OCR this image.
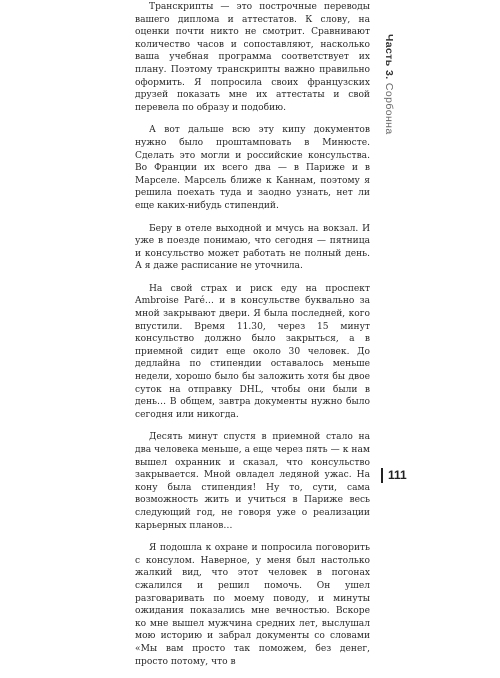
Транскрипты — это построчные переводы вашего диплома и аттестатов. К слову, на оценки почти никто не смотрит. Сравнивают количество часов и сопоставляют, насколько ваша учебная программа соответствует их плану. Поэтому транскрипты важно правильно оформить. Я попросила своих французских друзей показать мне их аттестаты и свой перевела по образу и подобию.

А вот дальше всю эту кипу документов нужно было проштамповать в Минюсте. Сделать это могли и российские консульства. Во Франции их всего два — в Париже и в Марселе. Марсель ближе к Каннам, поэтому я решила поехать туда и заодно узнать, нет ли еще каких-нибудь стипендий.

Беру в отеле выходной и мчусь на вокзал. И уже в поезде понимаю, что сегодня — пятница и консульство может работать не полный день. А я даже расписание не уточнила.

На свой страх и риск еду на проспект Ambroise Paré… и в консульстве буквально за мной закрывают двери. Я была последней, кого впустили. Время 11.30, через 15 минут консульство должно было закрыться, а в приемной сидит еще около 30 человек. До дедлайна по стипендии оставалось меньше недели, хорошо было бы заложить хотя бы двое суток на отправку DHL, чтобы они были в день… В общем, завтра документы нужно было сегодня или никогда.

Десять минут спустя в приемной стало на два человека меньше, а еще через пять — к нам вышел охранник и сказал, что консульство закрывается. Мной овладел ледяной ужас. На кону была стипендия! Ну то, сути, сама возможность жить и учиться в Париже весь следующий год, не говоря уже о реализации карьерных планов…

Я подошла к охране и попросила поговорить с консулом. Наверное, у меня был настолько жалкий вид, что этот человек в погонах сжалился и решил помочь. Он ушел разговаривать по моему поводу, и минуты ожидания показались мне вечностью. Вскоре ко мне вышел мужчина средних лет, выслушал мою историю и забрал документы со словами «Мы вам просто так поможем, без денег, просто потому, что в

Часть 3. Сорбонна
111
